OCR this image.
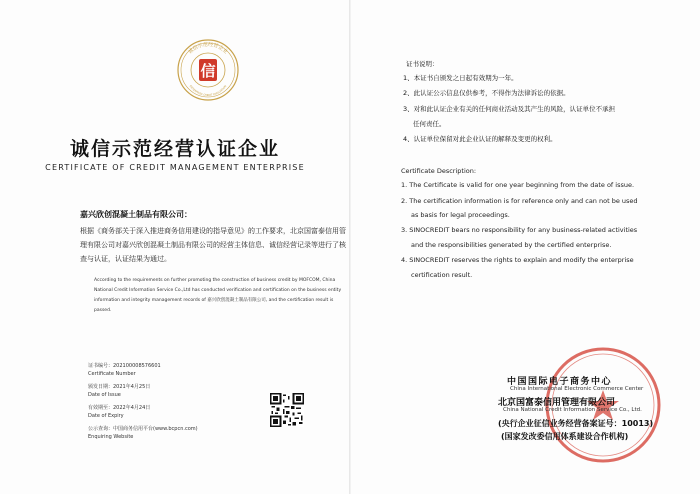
诚信示范经营企业
ENTERPRISE CREDIT EVALUATION
信
诚信示范经营认证企业
CERTIFICATE OF CREDIT MANAGEMENT ENTERPRISE
嘉兴欣创混凝土制品有限公司：
根据《商务部关于深入推进商务信用建设的指导意见》的工作要求，北京国富泰信用管理有限公司对嘉兴欣创混凝土制品有限公司的经营主体信息、诚信经营记录等进行了核查与认证，认证结果为通过。
According to the requirements on further promoting the construction of business credit by MOFCOM, China National Credit Information Service Co.,Ltd has conducted verification and certification on the business entity information and integrity management records of 嘉兴欣创混凝土制品有限公司, and the certification result is passed.
证书编号：20210000857​6601
Certificate Number
颁发日期：2021年4月25日
Date of Issue
有效期至：2022年4月24日
Date of Expiry
公示查询：中国商务信用平台(www.bcpcn.com)
Enquiring Website
证书说明：
1、本证书自颁发之日起有效期为一年。
2、此认证公示信息仅供参考，不得作为法律诉讼的依据。
3、对和此认证企业有关的任何商业活动及其产生的风险，认证单位不承担
任何责任。
4、认证单位保留对此企业认证的解释及变更的权利。
Certificate Description:
1. The Certificate is valid for one year beginning from the date of issue.
2. The certification information is for reference only and can not be used
as basis for legal proceedings.
3. SINOCREDIT bears no responsibility for any business-related activities
and the responsibilities generated by the certified enterprise.
4. SINOCREDIT reserves the rights to explain and modify the enterprise
certification result.
中国国际电子商务中心
China International Electronic Commerce Center
北京国富泰信用管理有限公司
China National Credit Information Service Co., Ltd.
(央行企业征信业务经营备案证号：10013)
(国家发改委信用体系建设合作机构)
